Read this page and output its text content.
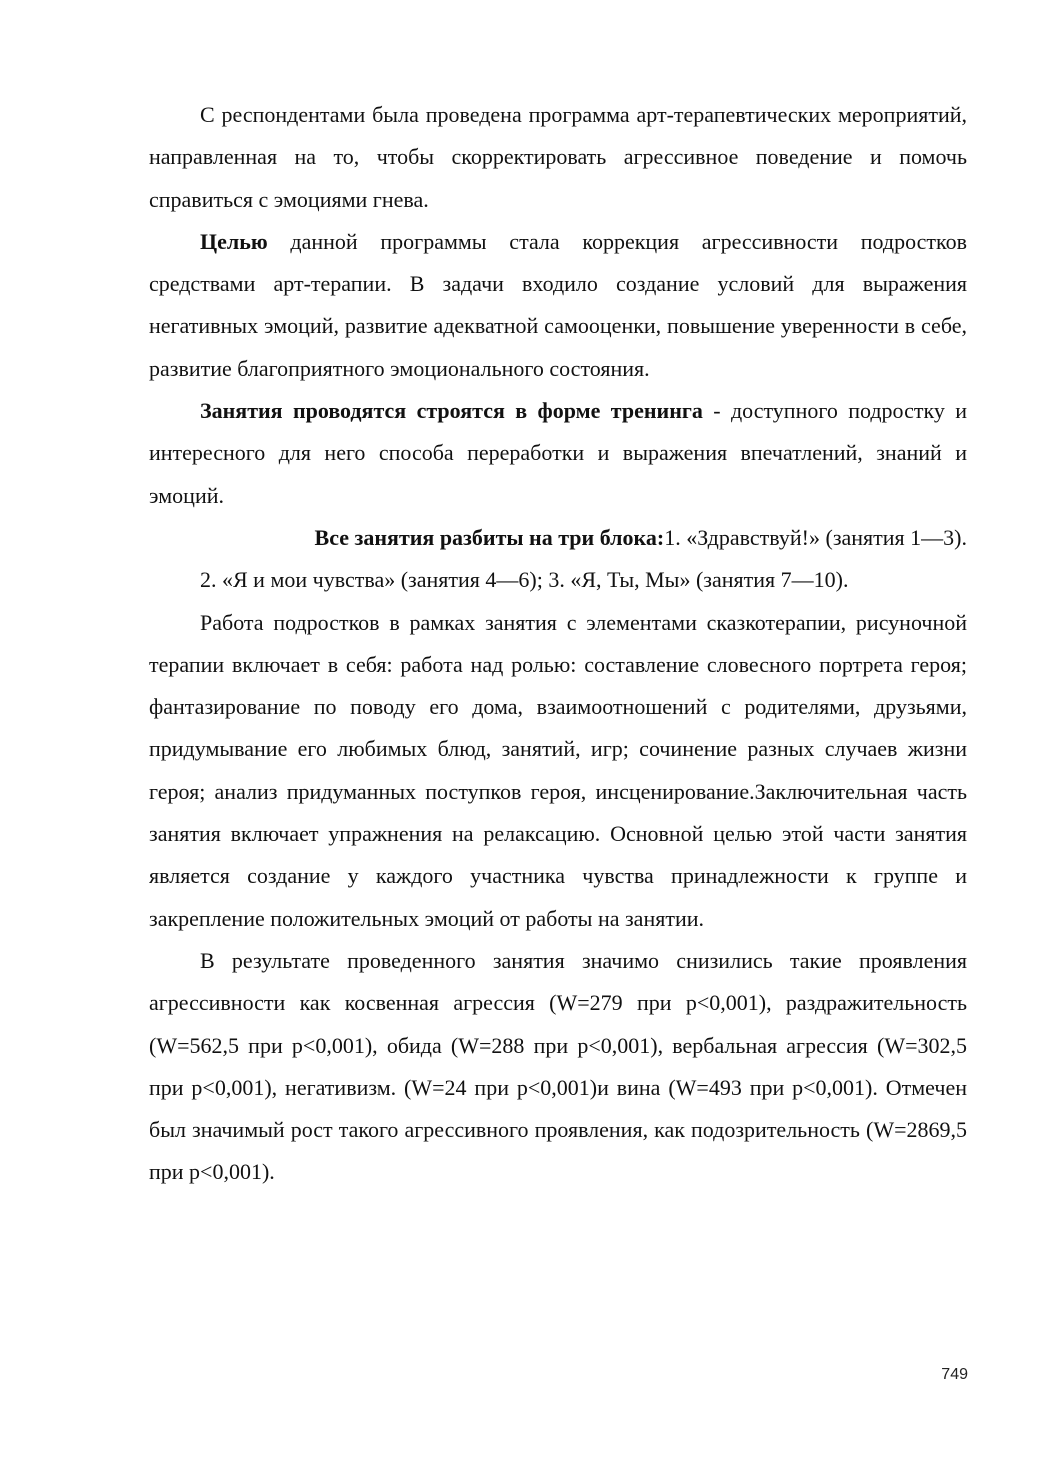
С респондентами была проведена программа арт-терапевтических мероприятий, направленная на то, чтобы скорректировать агрессивное поведение и помочь справиться с эмоциями гнева.

Целью данной программы стала коррекция агрессивности подростков средствами арт-терапии. В задачи входило создание условий для выражения негативных эмоций, развитие адекватной самооценки, повышение уверенности в себе, развитие благоприятного эмоционального состояния.

Занятия проводятся строятся в форме тренинга - доступного подростку и интересного для него способа переработки и выражения впечатлений, знаний и эмоций.

Все занятия разбиты на три блока:1. «Здравствуй!» (занятия 1—3).

2. «Я и мои чувства» (занятия 4—6); 3. «Я, Ты, Мы» (занятия 7—10).

Работа подростков в рамках занятия с элементами сказкотерапии, рисуночной терапии включает в себя: работа над ролью: составление словесного портрета героя; фантазирование по поводу его дома, взаимоотношений с родителями, друзьями, придумывание его любимых блюд, занятий, игр; сочинение разных случаев жизни героя; анализ придуманных поступков героя, инсценирование.Заключительная часть занятия включает упражнения на релаксацию. Основной целью этой части занятия является создание у каждого участника чувства принадлежности к группе и закрепление положительных эмоций от работы на занятии.

В результате проведенного занятия значимо снизились такие проявления агрессивности как косвенная агрессия (W=279 при p<0,001), раздражительность (W=562,5 при p<0,001), обида (W=288 при p<0,001), вербальная агрессия (W=302,5 при p<0,001), негативизм. (W=24 при p<0,001)и вина (W=493 при p<0,001). Отмечен был значимый рост такого агрессивного проявления, как подозрительность (W=2869,5 при p<0,001).

749
